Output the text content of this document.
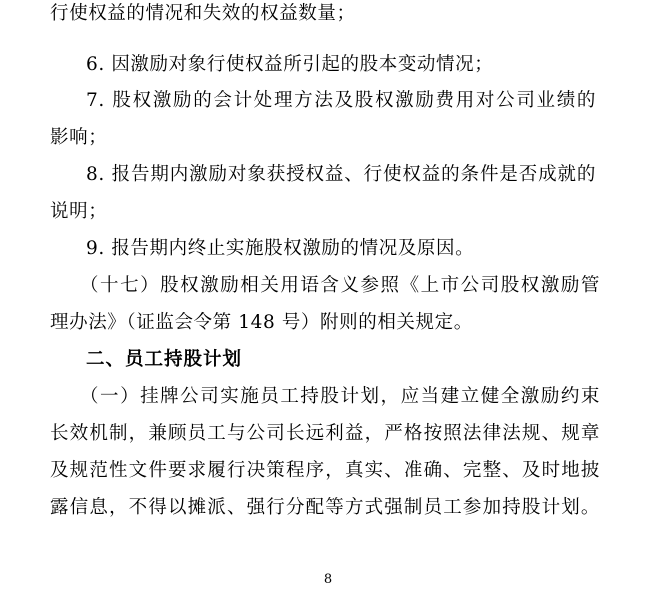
行使权益的情况和失效的权益数量；
6. 因激励对象行使权益所引起的股本变动情况；
7. 股权激励的会计处理方法及股权激励费用对公司业绩的
影响；
8. 报告期内激励对象获授权益、行使权益的条件是否成就的
说明；
9. 报告期内终止实施股权激励的情况及原因。
（十七）股权激励相关用语含义参照《上市公司股权激励管
理办法》（证监会令第 148 号）附则的相关规定。
二、员工持股计划
（一）挂牌公司实施员工持股计划，应当建立健全激励约束
长效机制，兼顾员工与公司长远利益，严格按照法律法规、规章
及规范性文件要求履行决策程序，真实、准确、完整、及时地披
露信息，不得以摊派、强行分配等方式强制员工参加持股计划。
8
